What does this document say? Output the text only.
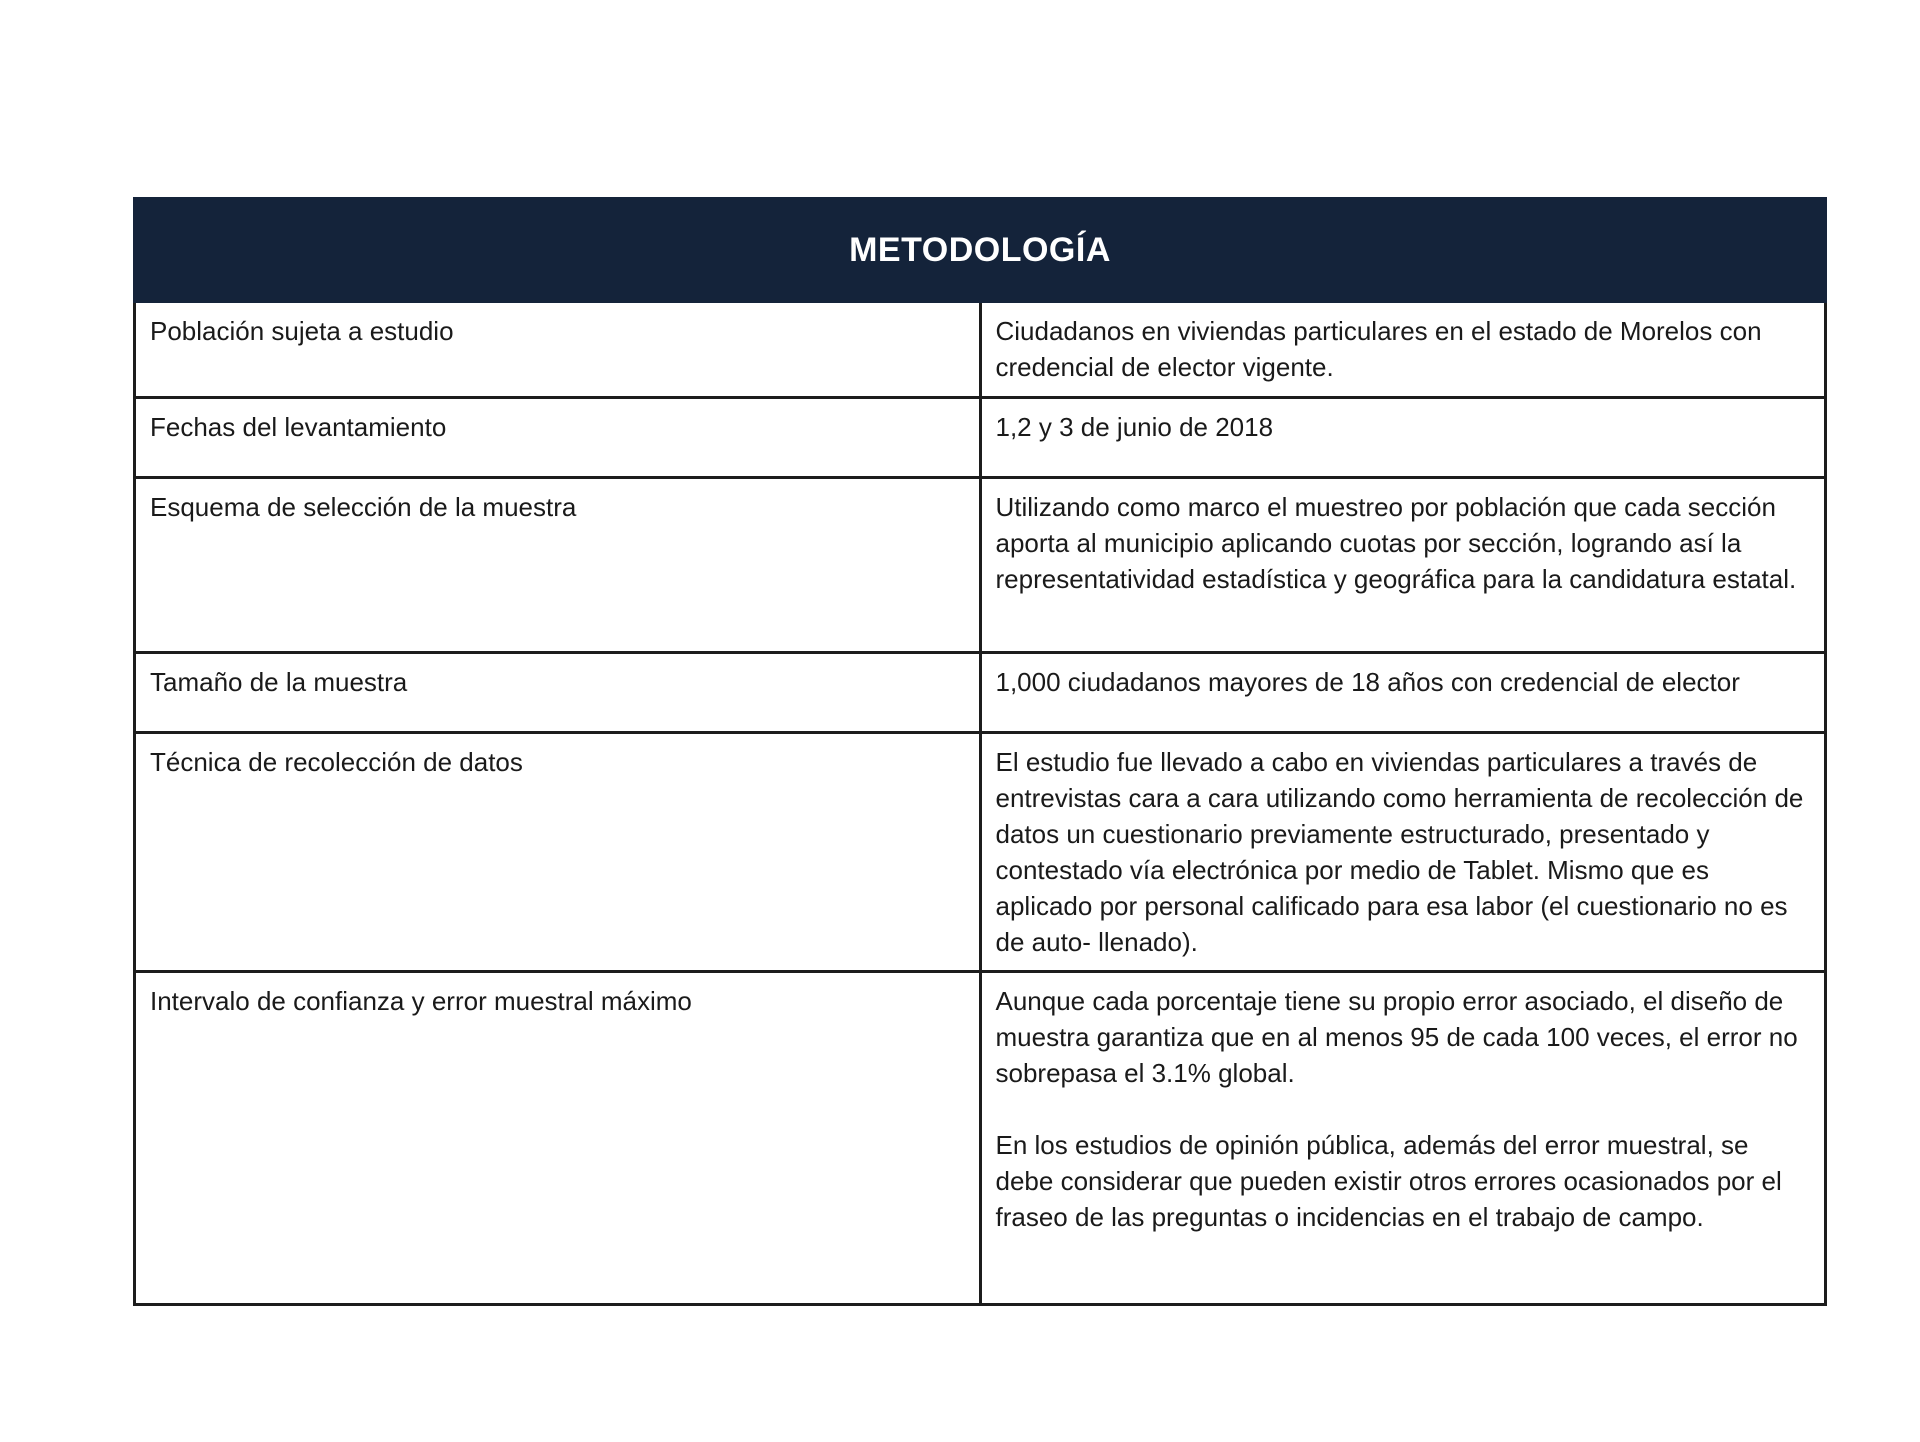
METODOLOGÍA	
Población sujeta a estudio	Ciudadanos en viviendas particulares en el estado de Morelos con credencial de elector vigente.

Fechas del levantamiento	1,2 y 3 de junio de 2018

Esquema de selección de la muestra	Utilizando como marco el muestreo por población que cada sección aporta al municipio aplicando cuotas por sección, logrando así la representatividad estadística y geográfica para la candidatura estatal.

Tamaño de la muestra	1,000 ciudadanos mayores de 18 años con credencial de elector

Técnica de recolección de datos	El estudio fue llevado a cabo en viviendas particulares a través de entrevistas cara a cara utilizando como herramienta de recolección de datos un cuestionario previamente estructurado, presentado y contestado vía electrónica por medio de Tablet. Mismo que es aplicado por personal calificado para esa labor (el cuestionario no es de auto- llenado).

Intervalo de confianza y error muestral máximo	Aunque cada porcentaje tiene su propio error asociado, el diseño de muestra garantiza que en al menos 95 de cada 100 veces, el error no sobrepasa el 3.1% global.

En los estudios de opinión pública, además del error muestral, se debe considerar que pueden existir otros errores ocasionados por el fraseo de las preguntas o incidencias en el trabajo de campo.
